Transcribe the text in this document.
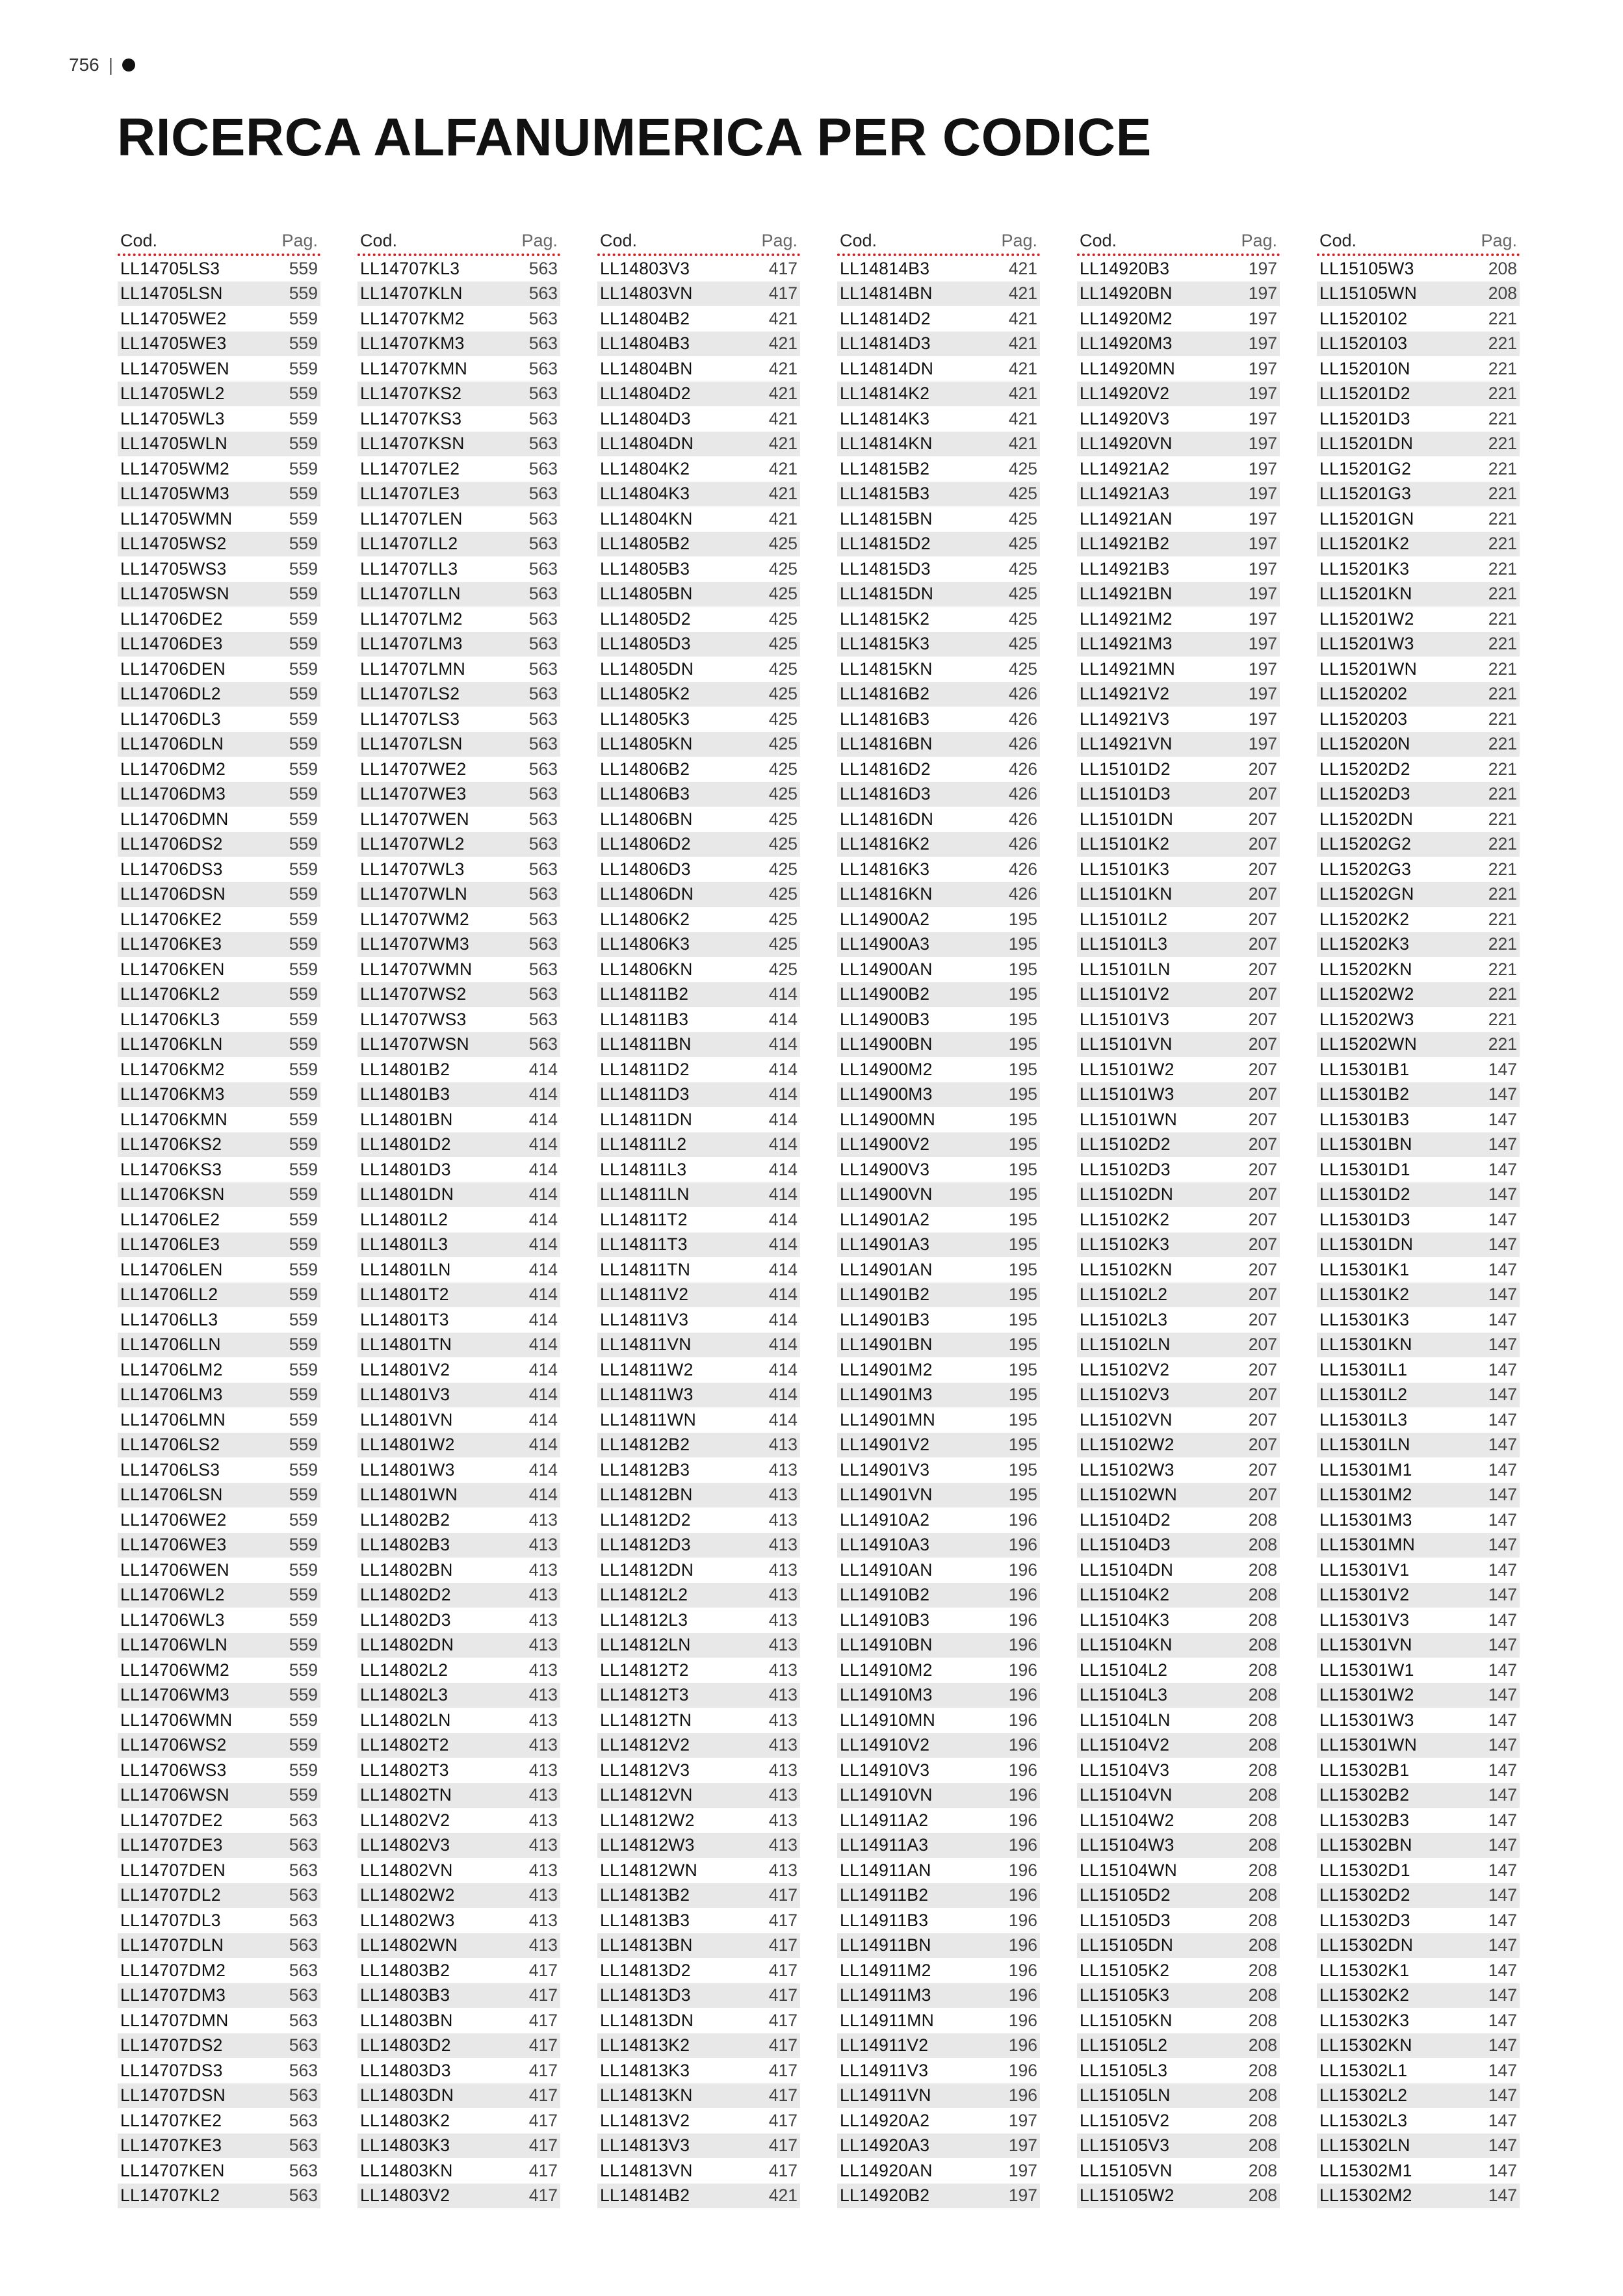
756 |
RICERCA ALFANUMERICA PER CODICE
Cod.	Pag.
LL14705LS3	559
LL14705LSN	559
LL14705WE2	559
LL14705WE3	559
LL14705WEN	559
LL14705WL2	559
LL14705WL3	559
LL14705WLN	559
LL14705WM2	559
LL14705WM3	559
LL14705WMN	559
LL14705WS2	559
LL14705WS3	559
LL14705WSN	559
LL14706DE2	559
LL14706DE3	559
LL14706DEN	559
LL14706DL2	559
LL14706DL3	559
LL14706DLN	559
LL14706DM2	559
LL14706DM3	559
LL14706DMN	559
LL14706DS2	559
LL14706DS3	559
LL14706DSN	559
LL14706KE2	559
LL14706KE3	559
LL14706KEN	559
LL14706KL2	559
LL14706KL3	559
LL14706KLN	559
LL14706KM2	559
LL14706KM3	559
LL14706KMN	559
LL14706KS2	559
LL14706KS3	559
LL14706KSN	559
LL14706LE2	559
LL14706LE3	559
LL14706LEN	559
LL14706LL2	559
LL14706LL3	559
LL14706LLN	559
LL14706LM2	559
LL14706LM3	559
LL14706LMN	559
LL14706LS2	559
LL14706LS3	559
LL14706LSN	559
LL14706WE2	559
LL14706WE3	559
LL14706WEN	559
LL14706WL2	559
LL14706WL3	559
LL14706WLN	559
LL14706WM2	559
LL14706WM3	559
LL14706WMN	559
LL14706WS2	559
LL14706WS3	559
LL14706WSN	559
LL14707DE2	563
LL14707DE3	563
LL14707DEN	563
LL14707DL2	563
LL14707DL3	563
LL14707DLN	563
LL14707DM2	563
LL14707DM3	563
LL14707DMN	563
LL14707DS2	563
LL14707DS3	563
LL14707DSN	563
LL14707KE2	563
LL14707KE3	563
LL14707KEN	563
LL14707KL2	563
Cod.	Pag.
LL14707KL3	563
LL14707KLN	563
LL14707KM2	563
LL14707KM3	563
LL14707KMN	563
LL14707KS2	563
LL14707KS3	563
LL14707KSN	563
LL14707LE2	563
LL14707LE3	563
LL14707LEN	563
LL14707LL2	563
LL14707LL3	563
LL14707LLN	563
LL14707LM2	563
LL14707LM3	563
LL14707LMN	563
LL14707LS2	563
LL14707LS3	563
LL14707LSN	563
LL14707WE2	563
LL14707WE3	563
LL14707WEN	563
LL14707WL2	563
LL14707WL3	563
LL14707WLN	563
LL14707WM2	563
LL14707WM3	563
LL14707WMN	563
LL14707WS2	563
LL14707WS3	563
LL14707WSN	563
LL14801B2	414
LL14801B3	414
LL14801BN	414
LL14801D2	414
LL14801D3	414
LL14801DN	414
LL14801L2	414
LL14801L3	414
LL14801LN	414
LL14801T2	414
LL14801T3	414
LL14801TN	414
LL14801V2	414
LL14801V3	414
LL14801VN	414
LL14801W2	414
LL14801W3	414
LL14801WN	414
LL14802B2	413
LL14802B3	413
LL14802BN	413
LL14802D2	413
LL14802D3	413
LL14802DN	413
LL14802L2	413
LL14802L3	413
LL14802LN	413
LL14802T2	413
LL14802T3	413
LL14802TN	413
LL14802V2	413
LL14802V3	413
LL14802VN	413
LL14802W2	413
LL14802W3	413
LL14802WN	413
LL14803B2	417
LL14803B3	417
LL14803BN	417
LL14803D2	417
LL14803D3	417
LL14803DN	417
LL14803K2	417
LL14803K3	417
LL14803KN	417
LL14803V2	417
Cod.	Pag.
LL14803V3	417
LL14803VN	417
LL14804B2	421
LL14804B3	421
LL14804BN	421
LL14804D2	421
LL14804D3	421
LL14804DN	421
LL14804K2	421
LL14804K3	421
LL14804KN	421
LL14805B2	425
LL14805B3	425
LL14805BN	425
LL14805D2	425
LL14805D3	425
LL14805DN	425
LL14805K2	425
LL14805K3	425
LL14805KN	425
LL14806B2	425
LL14806B3	425
LL14806BN	425
LL14806D2	425
LL14806D3	425
LL14806DN	425
LL14806K2	425
LL14806K3	425
LL14806KN	425
LL14811B2	414
LL14811B3	414
LL14811BN	414
LL14811D2	414
LL14811D3	414
LL14811DN	414
LL14811L2	414
LL14811L3	414
LL14811LN	414
LL14811T2	414
LL14811T3	414
LL14811TN	414
LL14811V2	414
LL14811V3	414
LL14811VN	414
LL14811W2	414
LL14811W3	414
LL14811WN	414
LL14812B2	413
LL14812B3	413
LL14812BN	413
LL14812D2	413
LL14812D3	413
LL14812DN	413
LL14812L2	413
LL14812L3	413
LL14812LN	413
LL14812T2	413
LL14812T3	413
LL14812TN	413
LL14812V2	413
LL14812V3	413
LL14812VN	413
LL14812W2	413
LL14812W3	413
LL14812WN	413
LL14813B2	417
LL14813B3	417
LL14813BN	417
LL14813D2	417
LL14813D3	417
LL14813DN	417
LL14813K2	417
LL14813K3	417
LL14813KN	417
LL14813V2	417
LL14813V3	417
LL14813VN	417
LL14814B2	421
Cod.	Pag.
LL14814B3	421
LL14814BN	421
LL14814D2	421
LL14814D3	421
LL14814DN	421
LL14814K2	421
LL14814K3	421
LL14814KN	421
LL14815B2	425
LL14815B3	425
LL14815BN	425
LL14815D2	425
LL14815D3	425
LL14815DN	425
LL14815K2	425
LL14815K3	425
LL14815KN	425
LL14816B2	426
LL14816B3	426
LL14816BN	426
LL14816D2	426
LL14816D3	426
LL14816DN	426
LL14816K2	426
LL14816K3	426
LL14816KN	426
LL14900A2	195
LL14900A3	195
LL14900AN	195
LL14900B2	195
LL14900B3	195
LL14900BN	195
LL14900M2	195
LL14900M3	195
LL14900MN	195
LL14900V2	195
LL14900V3	195
LL14900VN	195
LL14901A2	195
LL14901A3	195
LL14901AN	195
LL14901B2	195
LL14901B3	195
LL14901BN	195
LL14901M2	195
LL14901M3	195
LL14901MN	195
LL14901V2	195
LL14901V3	195
LL14901VN	195
LL14910A2	196
LL14910A3	196
LL14910AN	196
LL14910B2	196
LL14910B3	196
LL14910BN	196
LL14910M2	196
LL14910M3	196
LL14910MN	196
LL14910V2	196
LL14910V3	196
LL14910VN	196
LL14911A2	196
LL14911A3	196
LL14911AN	196
LL14911B2	196
LL14911B3	196
LL14911BN	196
LL14911M2	196
LL14911M3	196
LL14911MN	196
LL14911V2	196
LL14911V3	196
LL14911VN	196
LL14920A2	197
LL14920A3	197
LL14920AN	197
LL14920B2	197
Cod.	Pag.
LL14920B3	197
LL14920BN	197
LL14920M2	197
LL14920M3	197
LL14920MN	197
LL14920V2	197
LL14920V3	197
LL14920VN	197
LL14921A2	197
LL14921A3	197
LL14921AN	197
LL14921B2	197
LL14921B3	197
LL14921BN	197
LL14921M2	197
LL14921M3	197
LL14921MN	197
LL14921V2	197
LL14921V3	197
LL14921VN	197
LL15101D2	207
LL15101D3	207
LL15101DN	207
LL15101K2	207
LL15101K3	207
LL15101KN	207
LL15101L2	207
LL15101L3	207
LL15101LN	207
LL15101V2	207
LL15101V3	207
LL15101VN	207
LL15101W2	207
LL15101W3	207
LL15101WN	207
LL15102D2	207
LL15102D3	207
LL15102DN	207
LL15102K2	207
LL15102K3	207
LL15102KN	207
LL15102L2	207
LL15102L3	207
LL15102LN	207
LL15102V2	207
LL15102V3	207
LL15102VN	207
LL15102W2	207
LL15102W3	207
LL15102WN	207
LL15104D2	208
LL15104D3	208
LL15104DN	208
LL15104K2	208
LL15104K3	208
LL15104KN	208
LL15104L2	208
LL15104L3	208
LL15104LN	208
LL15104V2	208
LL15104V3	208
LL15104VN	208
LL15104W2	208
LL15104W3	208
LL15104WN	208
LL15105D2	208
LL15105D3	208
LL15105DN	208
LL15105K2	208
LL15105K3	208
LL15105KN	208
LL15105L2	208
LL15105L3	208
LL15105LN	208
LL15105V2	208
LL15105V3	208
LL15105VN	208
LL15105W2	208
Cod.	Pag.
LL15105W3	208
LL15105WN	208
LL1520102	221
LL1520103	221
LL152010N	221
LL15201D2	221
LL15201D3	221
LL15201DN	221
LL15201G2	221
LL15201G3	221
LL15201GN	221
LL15201K2	221
LL15201K3	221
LL15201KN	221
LL15201W2	221
LL15201W3	221
LL15201WN	221
LL1520202	221
LL1520203	221
LL152020N	221
LL15202D2	221
LL15202D3	221
LL15202DN	221
LL15202G2	221
LL15202G3	221
LL15202GN	221
LL15202K2	221
LL15202K3	221
LL15202KN	221
LL15202W2	221
LL15202W3	221
LL15202WN	221
LL15301B1	147
LL15301B2	147
LL15301B3	147
LL15301BN	147
LL15301D1	147
LL15301D2	147
LL15301D3	147
LL15301DN	147
LL15301K1	147
LL15301K2	147
LL15301K3	147
LL15301KN	147
LL15301L1	147
LL15301L2	147
LL15301L3	147
LL15301LN	147
LL15301M1	147
LL15301M2	147
LL15301M3	147
LL15301MN	147
LL15301V1	147
LL15301V2	147
LL15301V3	147
LL15301VN	147
LL15301W1	147
LL15301W2	147
LL15301W3	147
LL15301WN	147
LL15302B1	147
LL15302B2	147
LL15302B3	147
LL15302BN	147
LL15302D1	147
LL15302D2	147
LL15302D3	147
LL15302DN	147
LL15302K1	147
LL15302K2	147
LL15302K3	147
LL15302KN	147
LL15302L1	147
LL15302L2	147
LL15302L3	147
LL15302LN	147
LL15302M1	147
LL15302M2	147
